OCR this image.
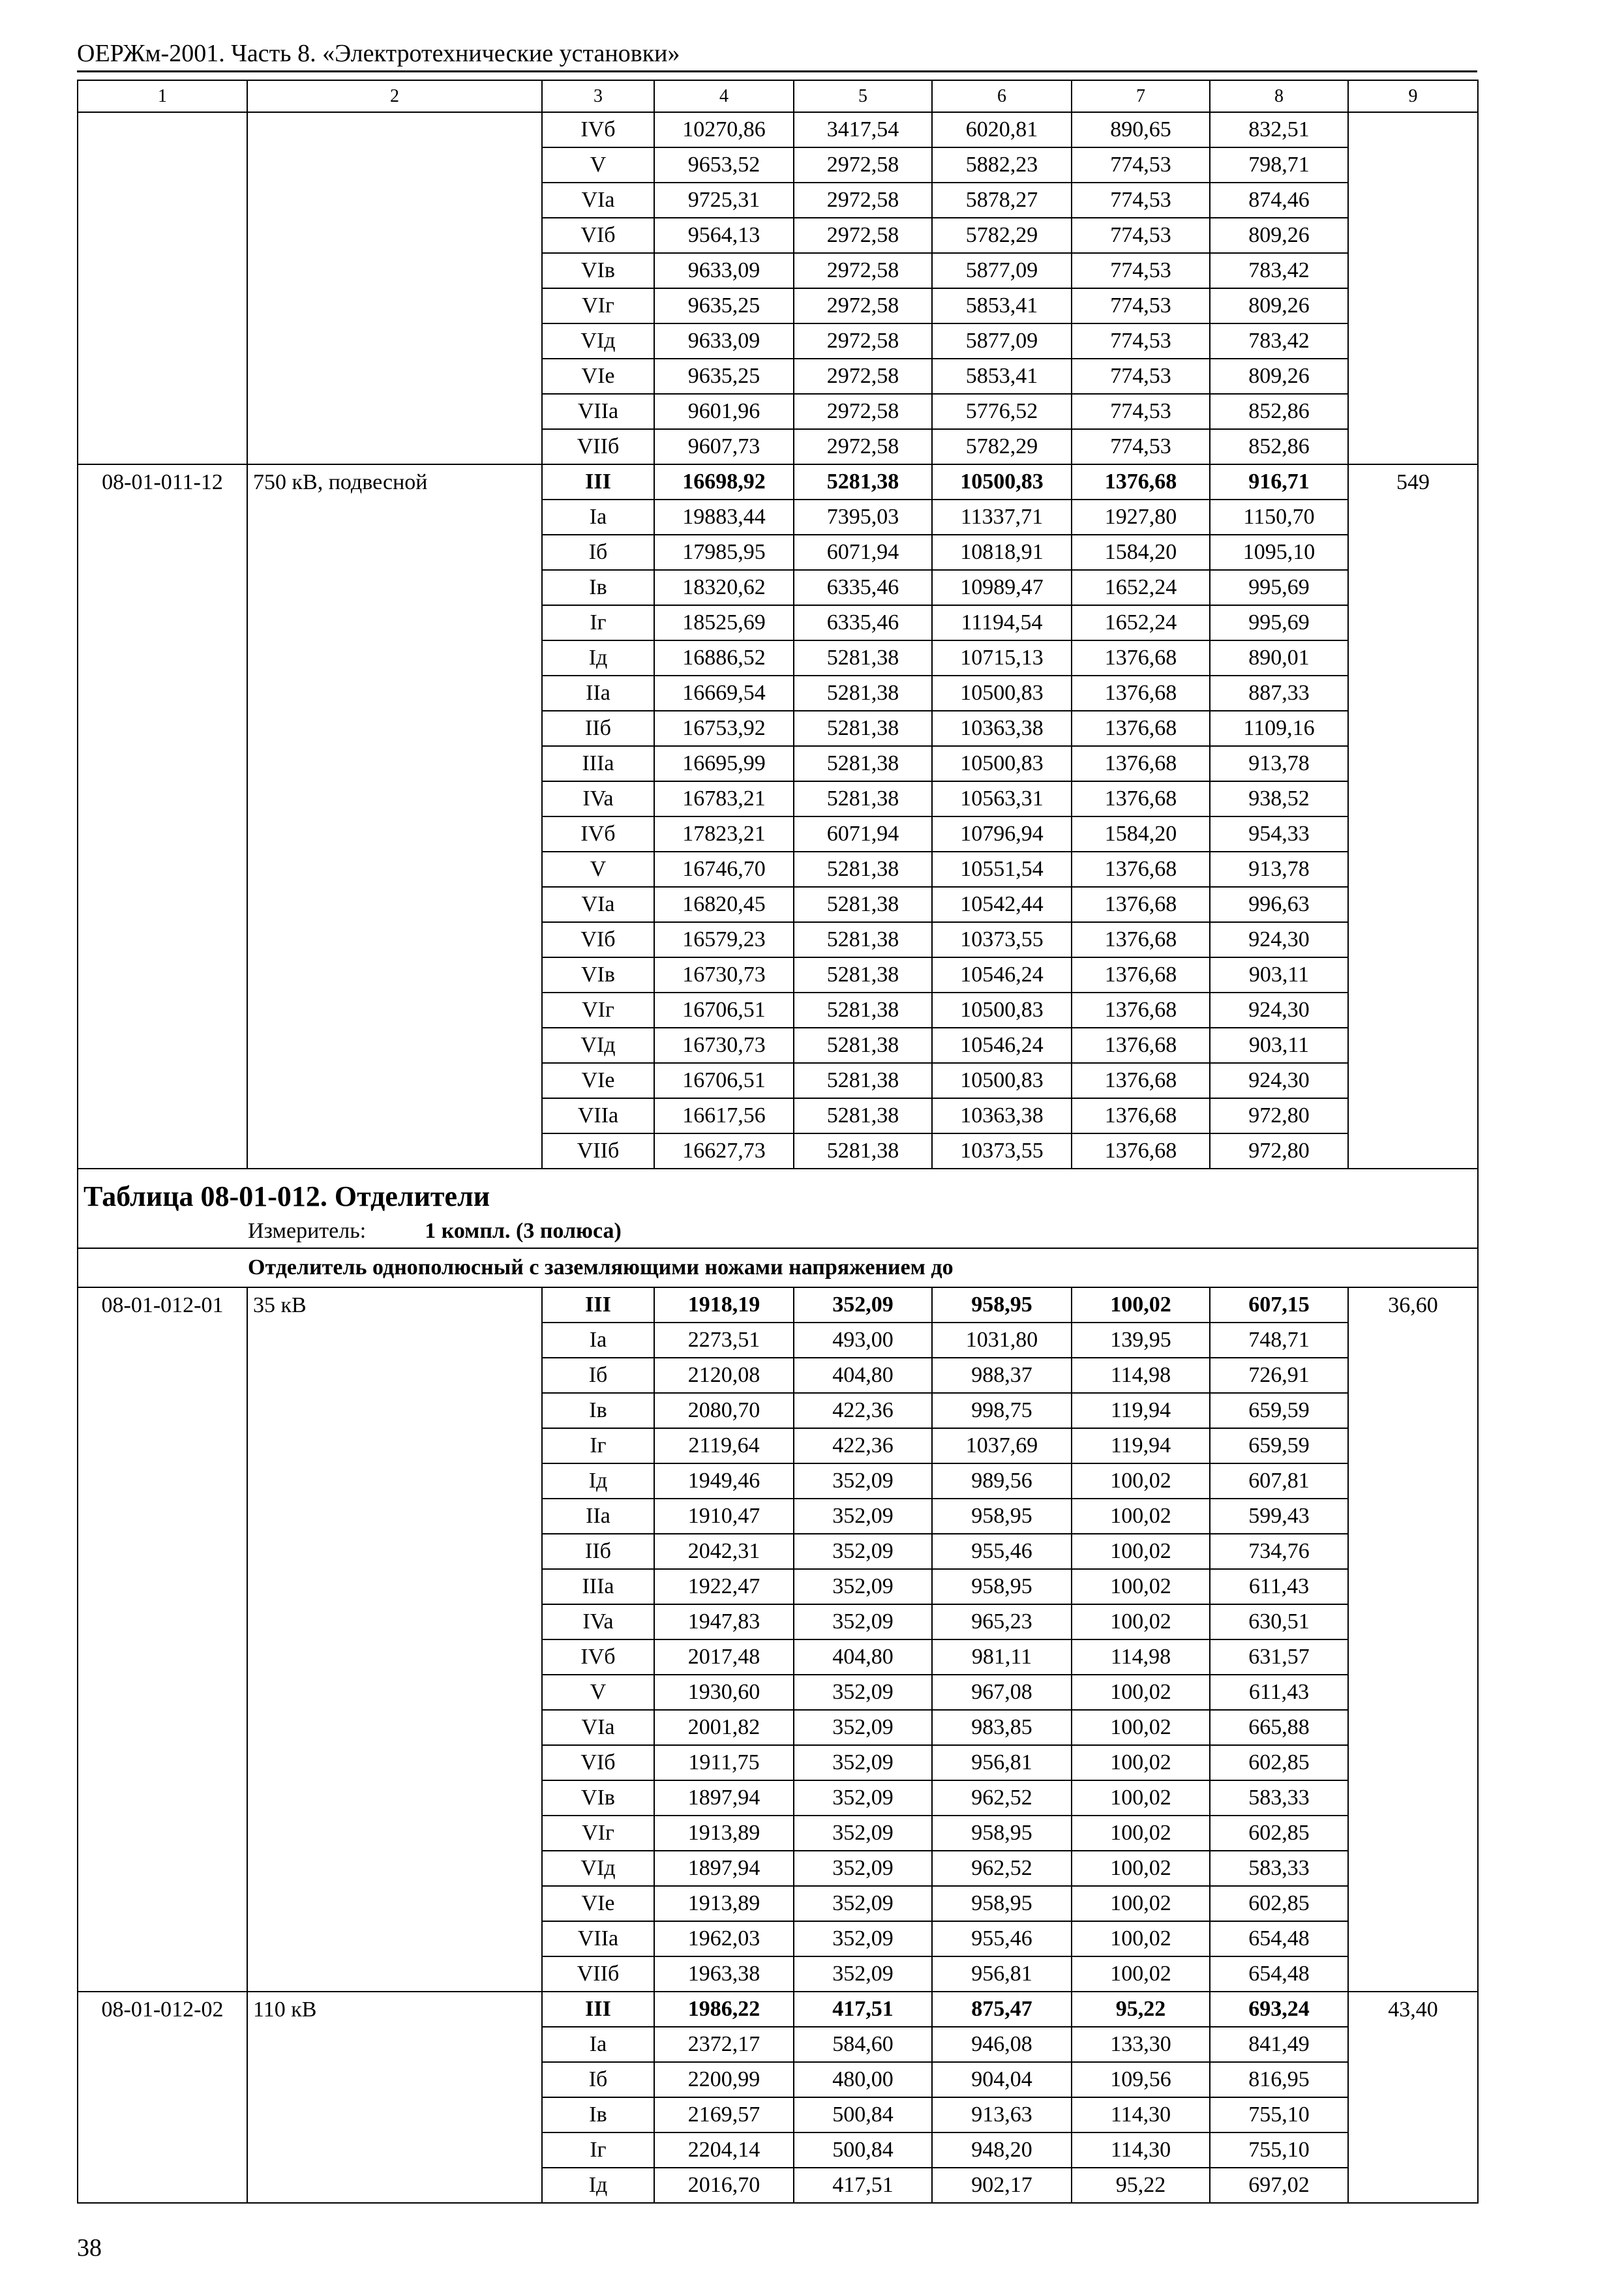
ОЕРЖм-2001. Часть 8. «Электротехнические установки»
1	2	3	4	5	6	7	8	9
		IVб	10270,86	3417,54	6020,81	890,65	832,51	
		V	9653,52	2972,58	5882,23	774,53	798,71	
		VIa	9725,31	2972,58	5878,27	774,53	874,46	
		VIб	9564,13	2972,58	5782,29	774,53	809,26	
		VIв	9633,09	2972,58	5877,09	774,53	783,42	
		VIг	9635,25	2972,58	5853,41	774,53	809,26	
		VIд	9633,09	2972,58	5877,09	774,53	783,42	
		VIе	9635,25	2972,58	5853,41	774,53	809,26	
		VIIa	9601,96	2972,58	5776,52	774,53	852,86	
		VIIб	9607,73	2972,58	5782,29	774,53	852,86	
08-01-011-12	750 кВ, подвесной	III	16698,92	5281,38	10500,83	1376,68	916,71	549
		Ia	19883,44	7395,03	11337,71	1927,80	1150,70	
		Iб	17985,95	6071,94	10818,91	1584,20	1095,10	
		Iв	18320,62	6335,46	10989,47	1652,24	995,69	
		Iг	18525,69	6335,46	11194,54	1652,24	995,69	
		Iд	16886,52	5281,38	10715,13	1376,68	890,01	
		IIa	16669,54	5281,38	10500,83	1376,68	887,33	
		IIб	16753,92	5281,38	10363,38	1376,68	1109,16	
		IIIa	16695,99	5281,38	10500,83	1376,68	913,78	
		IVa	16783,21	5281,38	10563,31	1376,68	938,52	
		IVб	17823,21	6071,94	10796,94	1584,20	954,33	
		V	16746,70	5281,38	10551,54	1376,68	913,78	
		VIa	16820,45	5281,38	10542,44	1376,68	996,63	
		VIб	16579,23	5281,38	10373,55	1376,68	924,30	
		VIв	16730,73	5281,38	10546,24	1376,68	903,11	
		VIг	16706,51	5281,38	10500,83	1376,68	924,30	
		VIд	16730,73	5281,38	10546,24	1376,68	903,11	
		VIе	16706,51	5281,38	10500,83	1376,68	924,30	
		VIIa	16617,56	5281,38	10363,38	1376,68	972,80	
		VIIб	16627,73	5281,38	10373,55	1376,68	972,80	
Таблица 08-01-012. Отделители								
Измеритель: 1 компл. (3 полюса)								
Отделитель однополюсный с заземляющими ножами напряжением до								
08-01-012-01	35 кВ	III	1918,19	352,09	958,95	100,02	607,15	36,60
		Ia	2273,51	493,00	1031,80	139,95	748,71	
		Iб	2120,08	404,80	988,37	114,98	726,91	
		Iв	2080,70	422,36	998,75	119,94	659,59	
		Iг	2119,64	422,36	1037,69	119,94	659,59	
		Iд	1949,46	352,09	989,56	100,02	607,81	
		IIa	1910,47	352,09	958,95	100,02	599,43	
		IIб	2042,31	352,09	955,46	100,02	734,76	
		IIIa	1922,47	352,09	958,95	100,02	611,43	
		IVa	1947,83	352,09	965,23	100,02	630,51	
		IVб	2017,48	404,80	981,11	114,98	631,57	
		V	1930,60	352,09	967,08	100,02	611,43	
		VIa	2001,82	352,09	983,85	100,02	665,88	
		VIб	1911,75	352,09	956,81	100,02	602,85	
		VIв	1897,94	352,09	962,52	100,02	583,33	
		VIг	1913,89	352,09	958,95	100,02	602,85	
		VIд	1897,94	352,09	962,52	100,02	583,33	
		VIе	1913,89	352,09	958,95	100,02	602,85	
		VIIa	1962,03	352,09	955,46	100,02	654,48	
		VIIб	1963,38	352,09	956,81	100,02	654,48	
08-01-012-02	110 кВ	III	1986,22	417,51	875,47	95,22	693,24	43,40
		Ia	2372,17	584,60	946,08	133,30	841,49	
		Iб	2200,99	480,00	904,04	109,56	816,95	
		Iв	2169,57	500,84	913,63	114,30	755,10	
		Iг	2204,14	500,84	948,20	114,30	755,10	
		Iд	2016,70	417,51	902,17	95,22	697,02	
38
